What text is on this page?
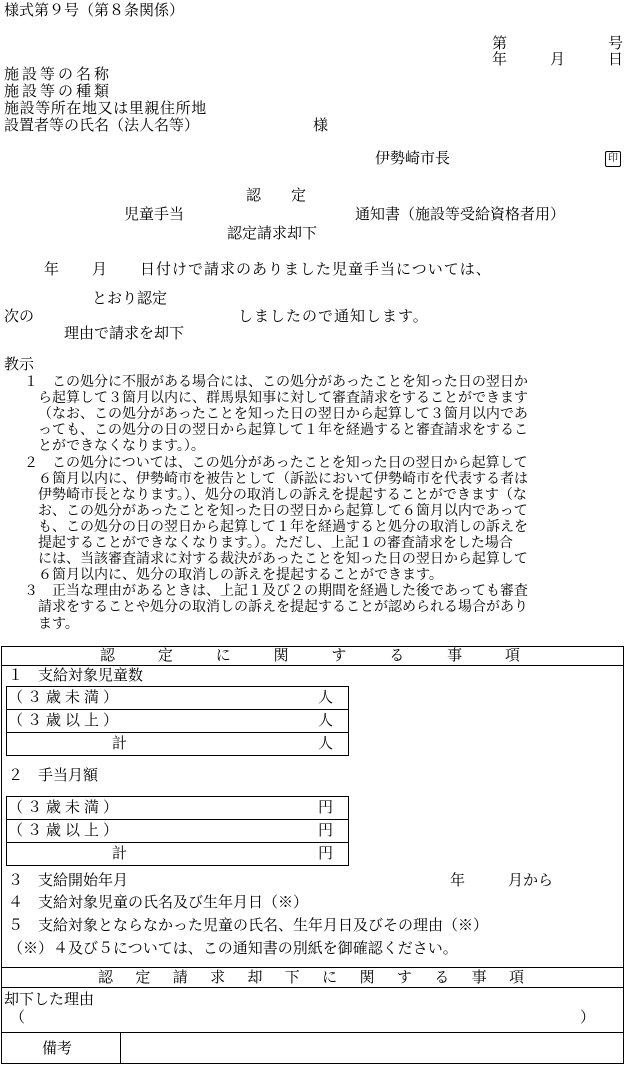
様式第９号（第８条関係）
第	号
年	月	日
施設等の名称
施設等の種類
施設等所在地又は里親住所地
設置者等の氏名（法人名等）	様
伊勢崎市長	印
認　　定
児童手当	通知書（施設等受給資格者用）
認定請求却下
　年　　月　　日付けで請求のありました児童手当については、
とおり認定
次の	しましたので通知します。
理由で請求を却下
教示
１　この処分に不服がある場合には、この処分があったことを知った日の翌日か
ら起算して３箇月以内に、群馬県知事に対して審査請求をすることができます
（なお、この処分があったことを知った日の翌日から起算して３箇月以内であ
っても、この処分の日の翌日から起算して１年を経過すると審査請求をするこ
とができなくなります。）。
２　この処分については、この処分があったことを知った日の翌日から起算して
６箇月以内に、伊勢崎市を被告として（訴訟において伊勢崎市を代表する者は
伊勢崎市長となります。）、処分の取消しの訴えを提起することができます（な
お、この処分があったことを知った日の翌日から起算して６箇月以内であって
も、この処分の日の翌日から起算して１年を経過すると処分の取消しの訴えを
提起することができなくなります。）。ただし、上記１の審査請求をした場合
には、当該審査請求に対する裁決があったことを知った日の翌日から起算して
６箇月以内に、処分の取消しの訴えを提起することができます。
３　正当な理由があるときは、上記１及び２の期間を経過した後であっても審査
請求をすることや処分の取消しの訴えを提起することが認められる場合があり
ます。
認	定	に	関	す	る	事	項
１　支給対象児童数
（３歳未満）	人
（３歳以上）	人
計	人
２　手当月額
（３歳未満）	円
（３歳以上）	円
計	円
３　支給開始年月	年	月から
４　支給対象児童の氏名及び生年月日（※）
５　支給対象とならなかった児童の氏名、生年月日及びその理由（※）
（※）４及び５については、この通知書の別紙を御確認ください。
認 定 請 求 却 下 に 関 す る 事 項
却下した理由
（	）
備考
